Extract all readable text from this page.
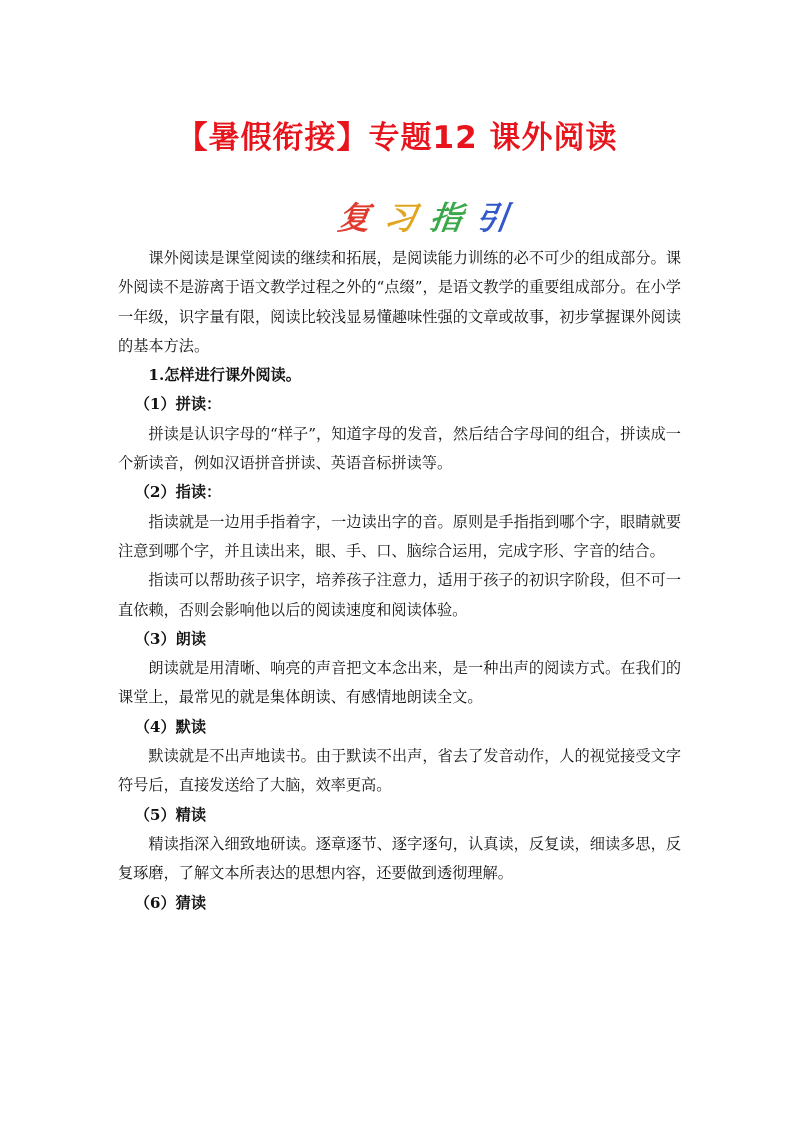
【暑假衔接】专题12 课外阅读
复 习 指 引

课外阅读是课堂阅读的继续和拓展，是阅读能力训练的必不可少的组成部分。课外阅读不是游离于语文教学过程之外的“点缀”，是语文教学的重要组成部分。在小学一年级，识字量有限，阅读比较浅显易懂趣味性强的文章或故事，初步掌握课外阅读的基本方法。

1.怎样进行课外阅读。

（1）拼读：

拼读是认识字母的“样子”，知道字母的发音，然后结合字母间的组合，拼读成一个新读音，例如汉语拼音拼读、英语音标拼读等。

（2）指读：

指读就是一边用手指着字，一边读出字的音。原则是手指指到哪个字，眼睛就要注意到哪个字，并且读出来，眼、手、口、脑综合运用，完成字形、字音的结合。

指读可以帮助孩子识字，培养孩子注意力，适用于孩子的初识字阶段，但不可一直依赖，否则会影响他以后的阅读速度和阅读体验。

（3）朗读

朗读就是用清晰、响亮的声音把文本念出来，是一种出声的阅读方式。在我们的课堂上，最常见的就是集体朗读、有感情地朗读全文。

（4）默读

默读就是不出声地读书。由于默读不出声，省去了发音动作，人的视觉接受文字符号后，直接发送给了大脑，效率更高。

（5）精读

精读指深入细致地研读。逐章逐节、逐字逐句，认真读，反复读，细读多思，反复琢磨，了解文本所表达的思想内容，还要做到透彻理解。

（6）猜读
